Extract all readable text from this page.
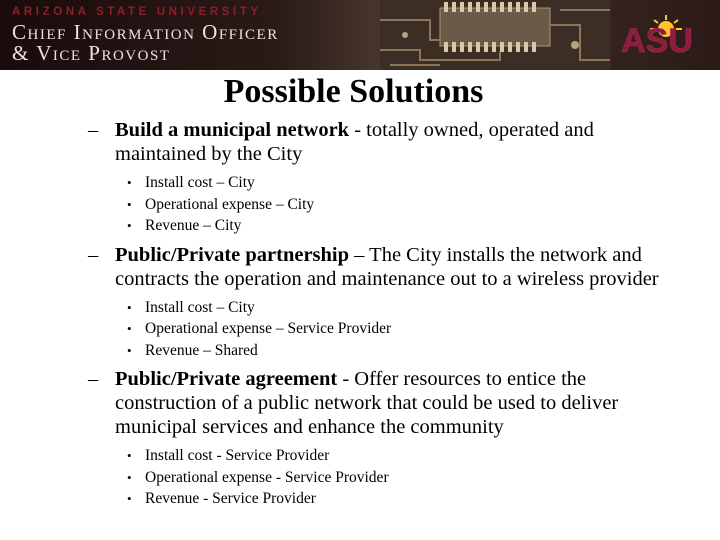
ARIZONA STATE UNIVERSITY
Chief Information Officer
& Vice Provost	ASU
Possible Solutions
– Build a municipal network - totally owned, operated and maintained by the City
• Install cost – City
• Operational expense – City
• Revenue – City
– Public/Private partnership – The City installs the network and contracts the operation and maintenance out to a wireless provider
• Install cost – City
• Operational expense – Service Provider
• Revenue – Shared
– Public/Private agreement - Offer resources to entice the construction of a public network that could be used to deliver municipal services and enhance the community
• Install cost - Service Provider
• Operational expense - Service Provider
• Revenue - Service Provider
